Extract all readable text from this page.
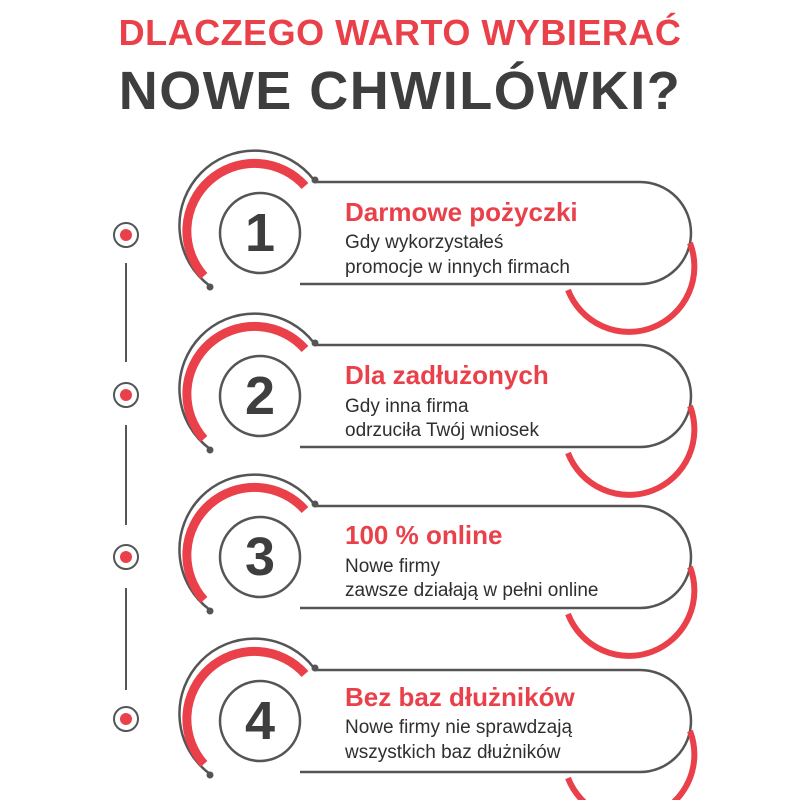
DLACZEGO WARTO WYBIERAĆ
NOWE CHWILÓWKI?
1	Darmowe pożyczki
Gdy wykorzystałeś
promocje w innych firmach
2	Dla zadłużonych
Gdy inna firma
odrzuciła Twój wniosek
3	100 % online
Nowe firmy
zawsze działają w pełni online
4	Bez baz dłużników
Nowe firmy nie sprawdzają
wszystkich baz dłużników
